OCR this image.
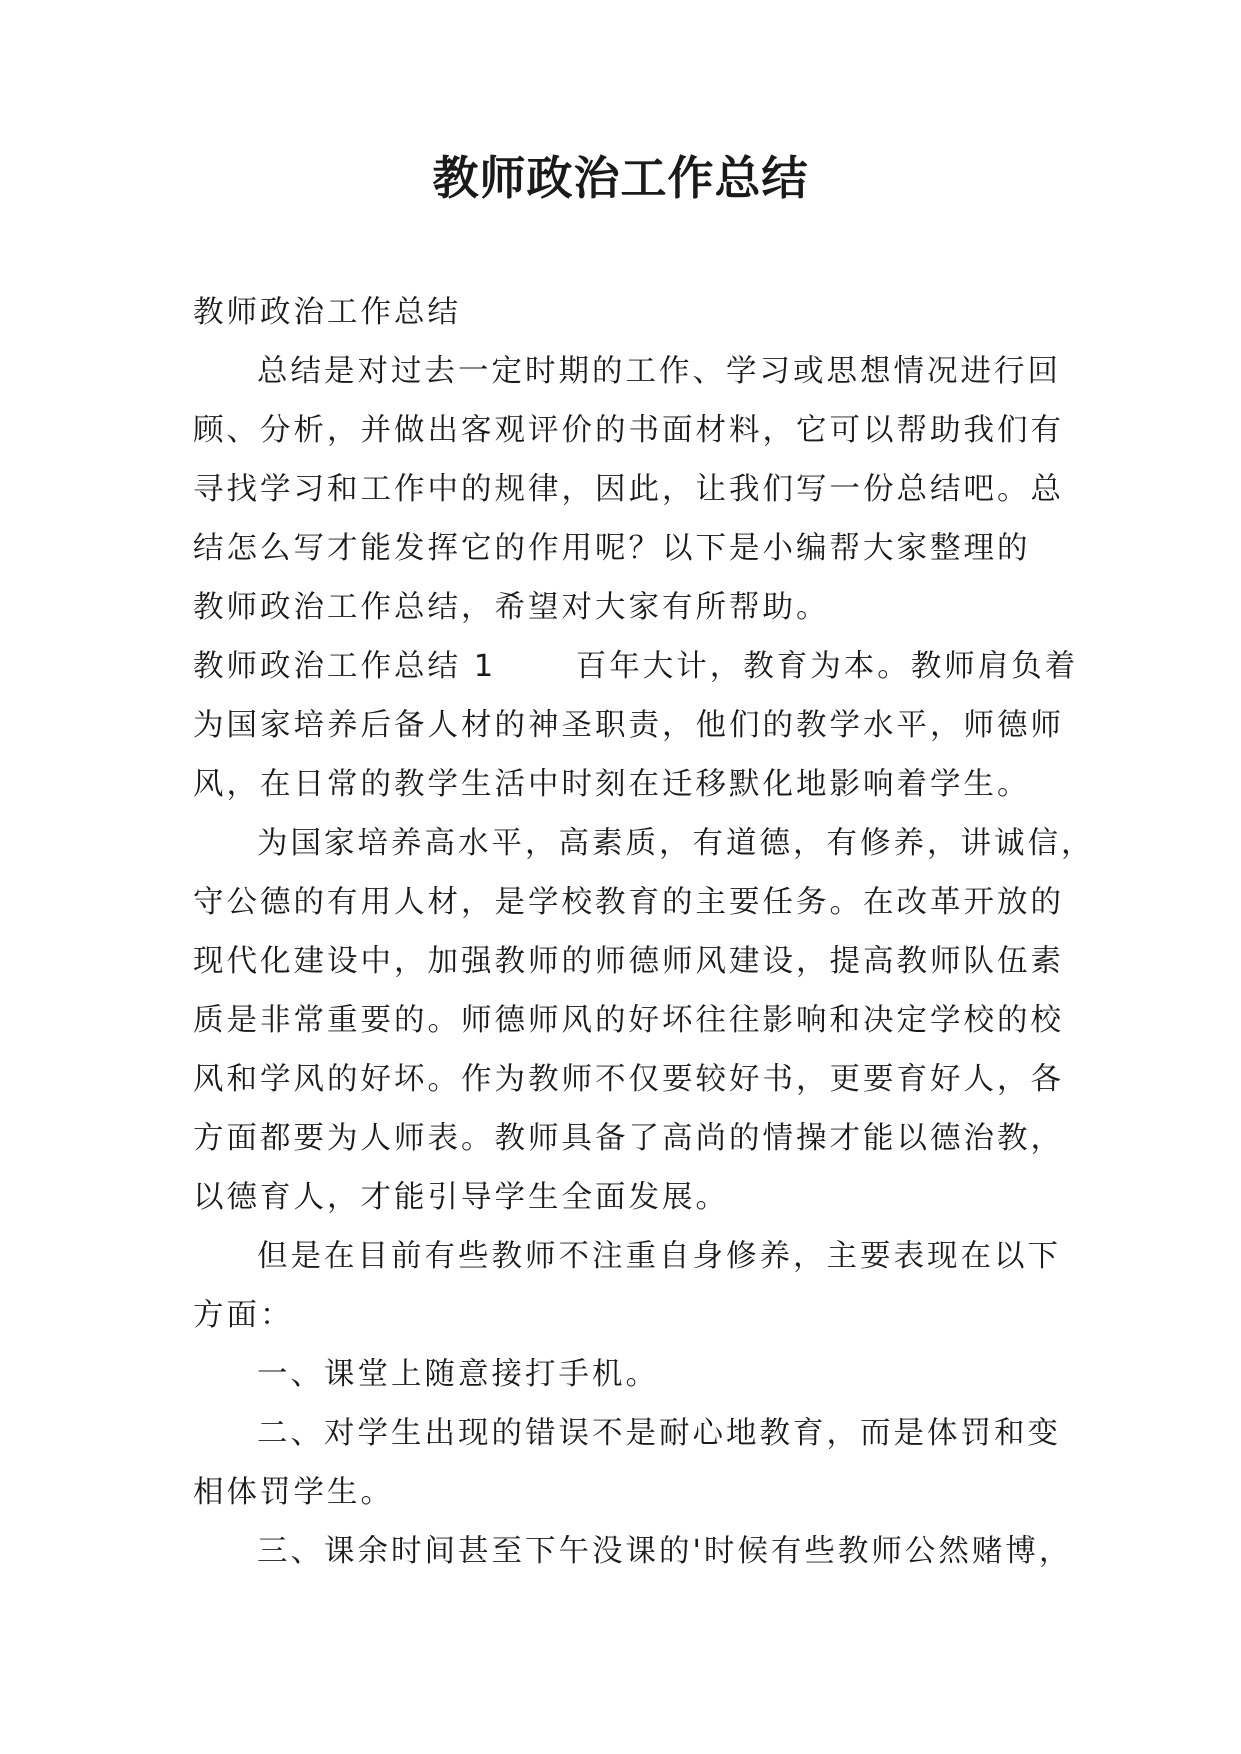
教师政治工作总结
教师政治工作总结
总结是对过去一定时期的工作、学习或思想情况进行回
顾、分析，并做出客观评价的书面材料，它可以帮助我们有
寻找学习和工作中的规律，因此，让我们写一份总结吧。总
结怎么写才能发挥它的作用呢？以下是小编帮大家整理的
教师政治工作总结，希望对大家有所帮助。
教师政治工作总结 1　　 百年大计，教育为本。教师肩负着
为国家培养后备人材的神圣职责，他们的教学水平，师德师
风，在日常的教学生活中时刻在迁移默化地影响着学生。
为国家培养高水平，高素质，有道德，有修养，讲诚信，
守公德的有用人材，是学校教育的主要任务。在改革开放的
现代化建设中，加强教师的师德师风建设，提高教师队伍素
质是非常重要的。师德师风的好坏往往影响和决定学校的校
风和学风的好坏。作为教师不仅要较好书，更要育好人，各
方面都要为人师表。教师具备了高尚的情操才能以德治教，
以德育人，才能引导学生全面发展。
但是在目前有些教师不注重自身修养，主要表现在以下
方面：
一、课堂上随意接打手机。
二、对学生出现的错误不是耐心地教育，而是体罚和变
相体罚学生。
三、课余时间甚至下午没课的'时候有些教师公然赌博，
